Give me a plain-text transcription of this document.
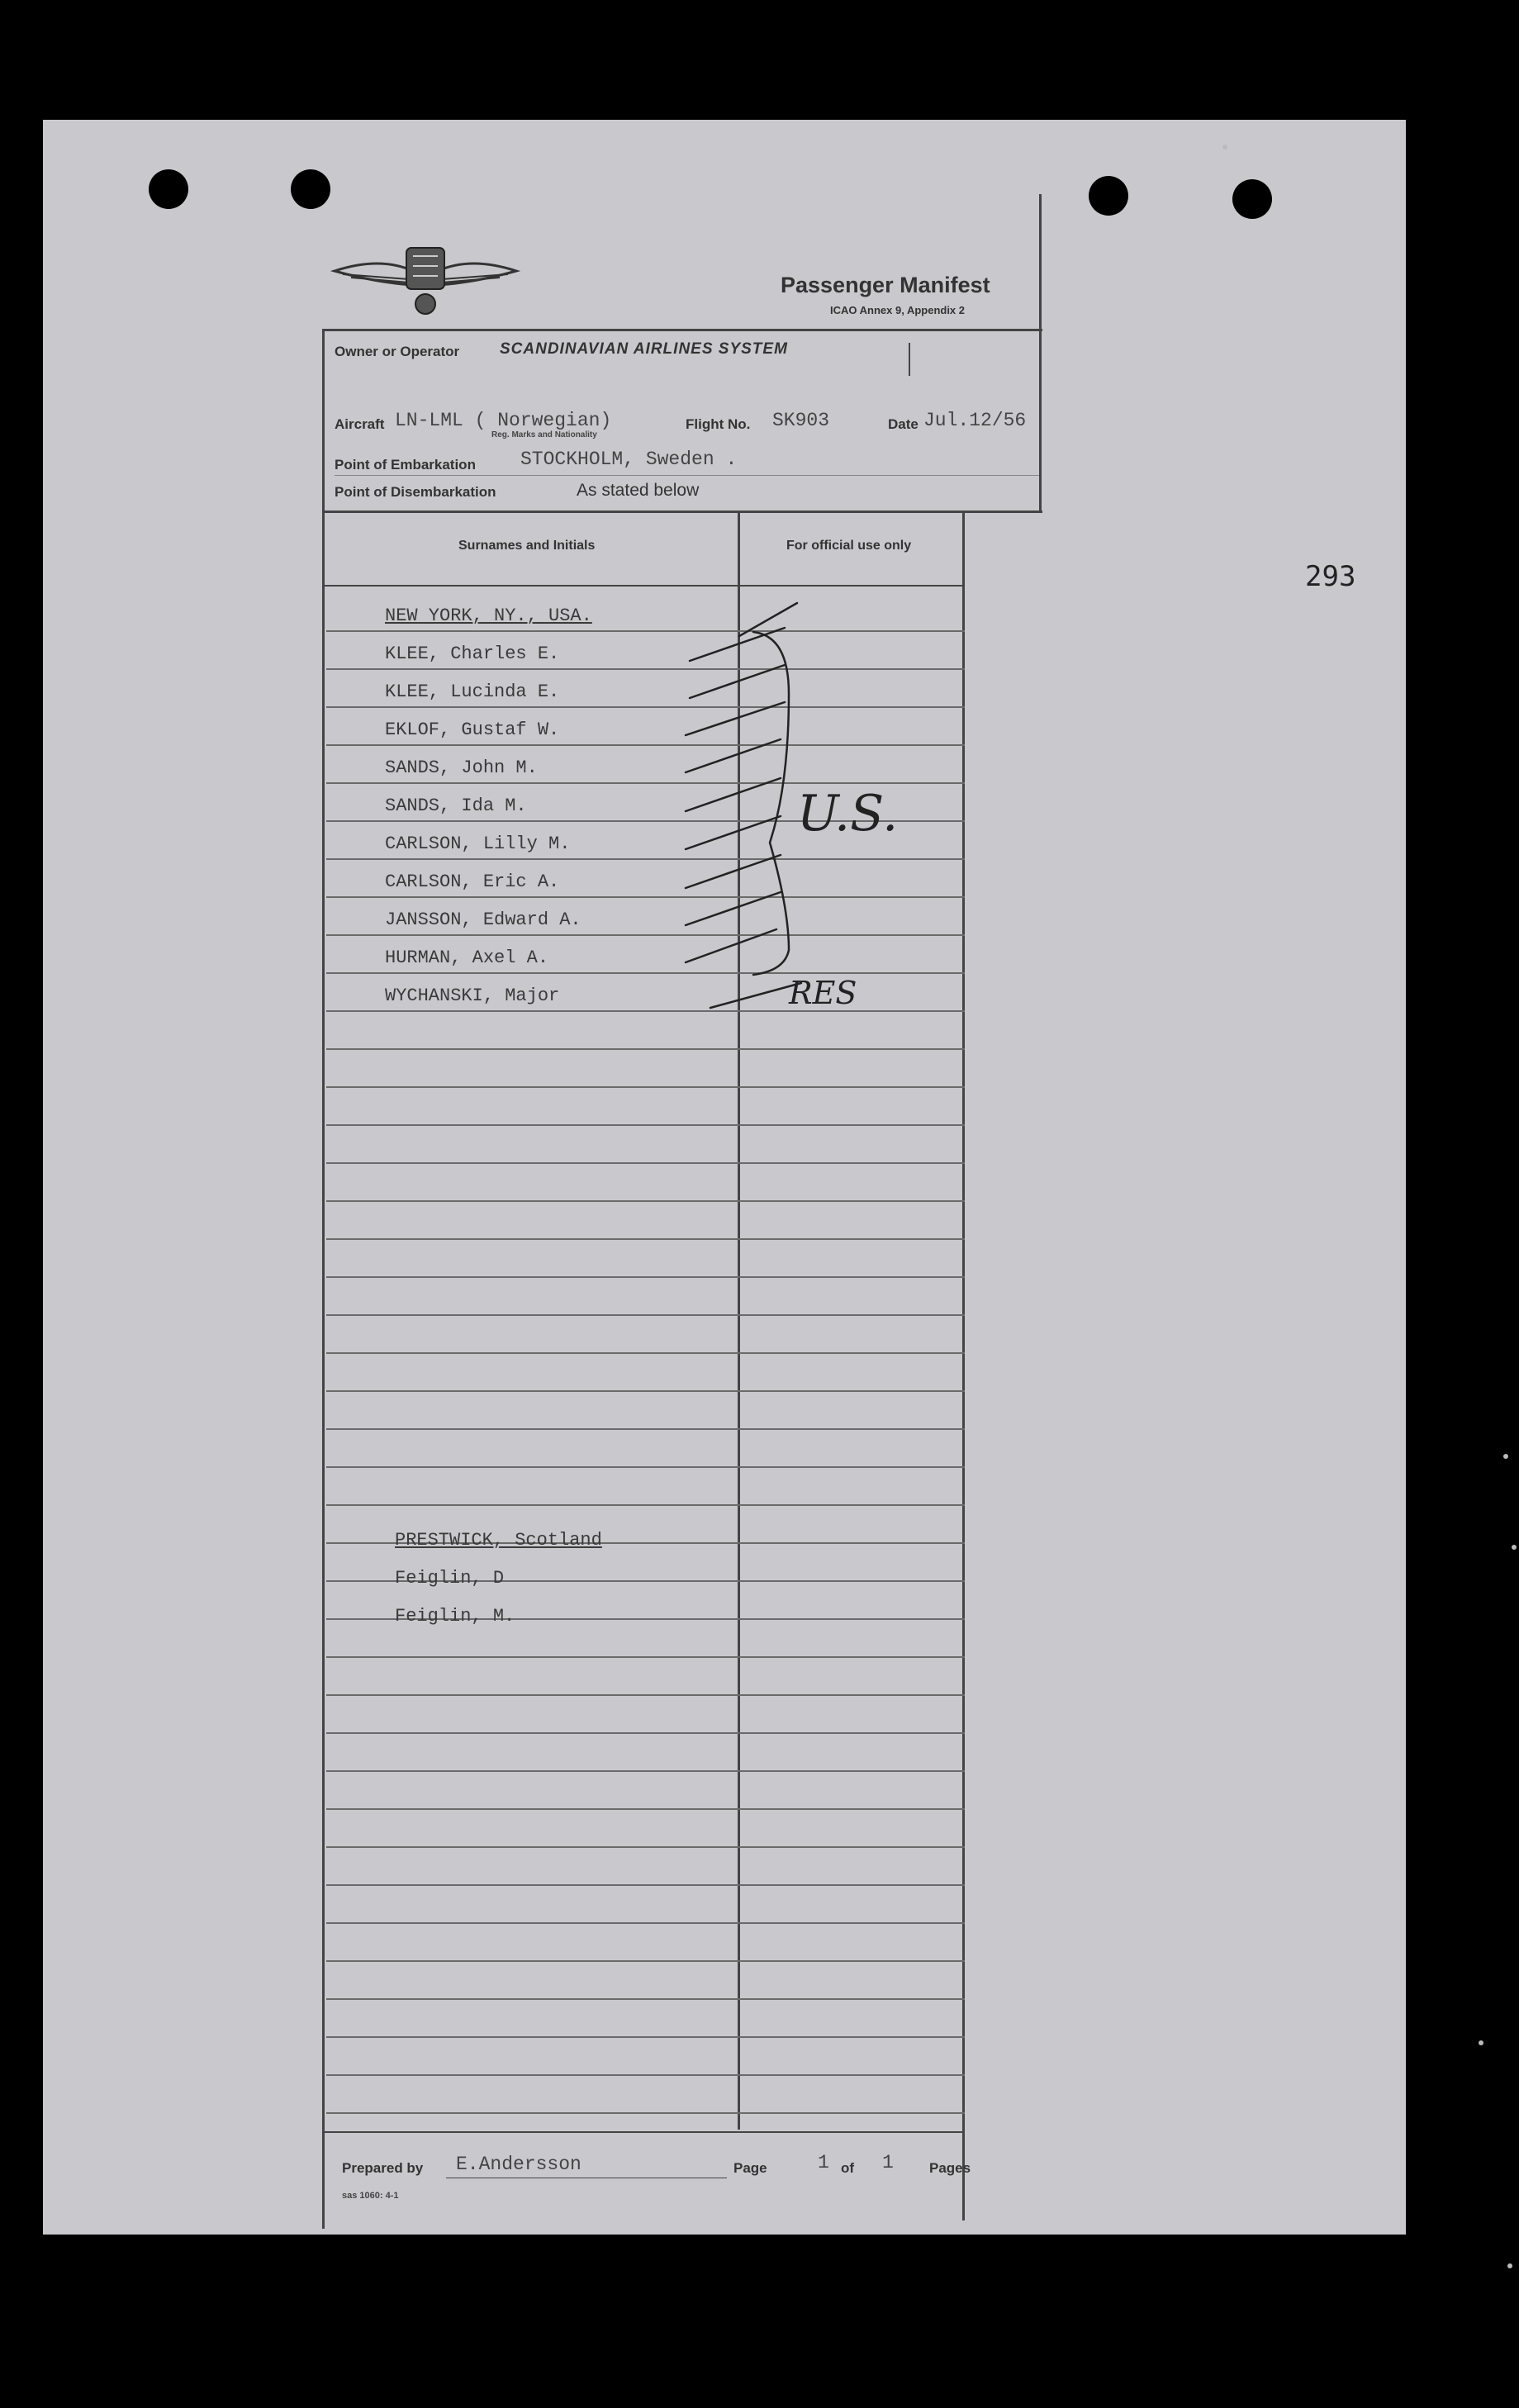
293
Passenger Manifest
ICAO Annex 9, Appendix 2
Owner or Operator	SCANDINAVIAN AIRLINES SYSTEM
Aircraft LN-LML ( Norwegian)
Reg. Marks and Nationality
Flight No. SK903	Date Jul.12/56
Point of Embarkation STOCKHOLM, Sweden .
Point of Disembarkation	As stated below
Surnames and Initials	For official use only
NEW YORK, NY., USA.
KLEE, Charles E.
KLEE, Lucinda E.
EKLOF, Gustaf W.
SANDS, John M.
SANDS, Ida M.
CARLSON, Lilly M.
CARLSON, Eric A.
JANSSON, Edward A.
HURMAN, Axel A.
WYCHANSKI, Major
PRESTWICK, Scotland
Feiglin, D
Feiglin, M.
U.S.
RES
Prepared by E.Andersson	Page	1 of 1	Pages
sas 1060: 4-1
